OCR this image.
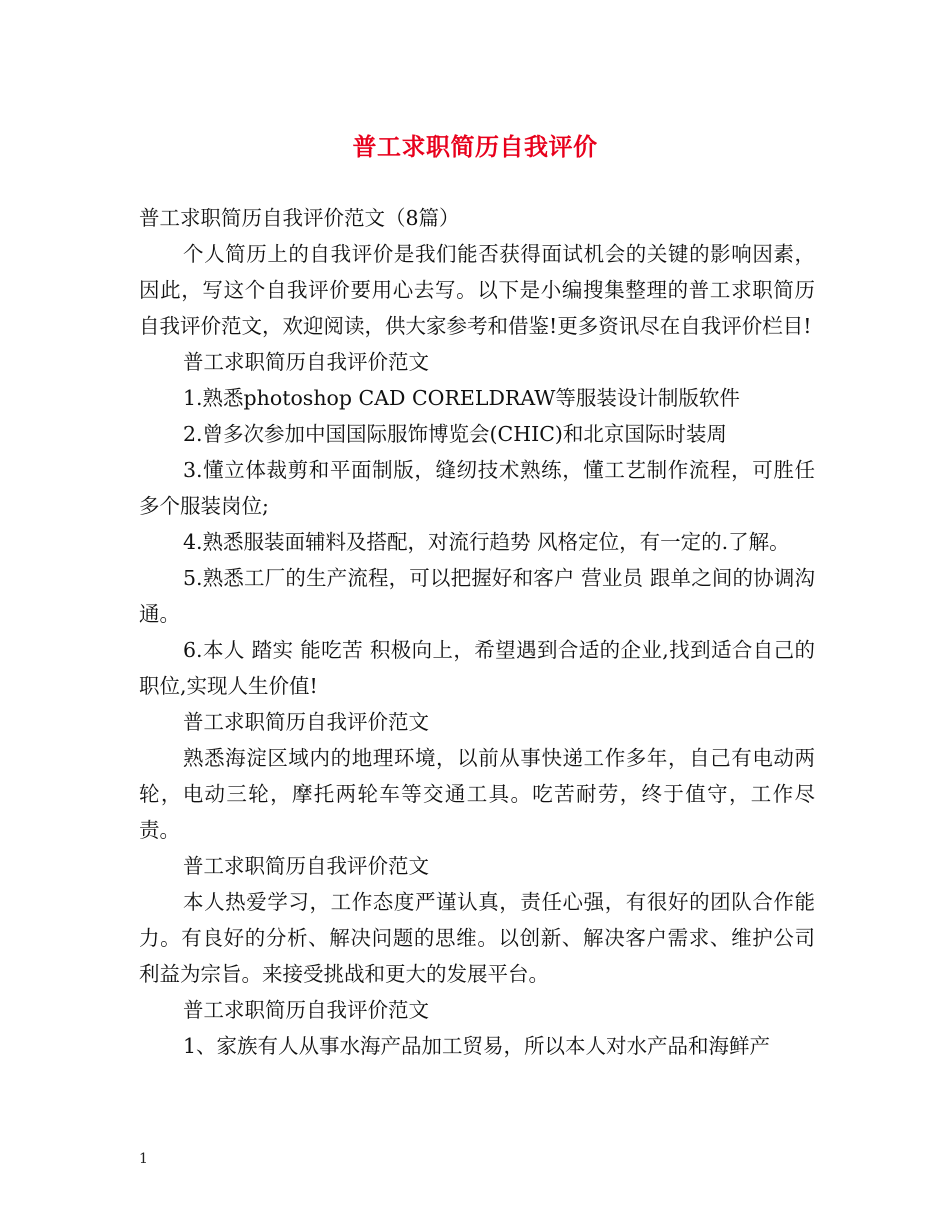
普工求职简历自我评价

普工求职简历自我评价范文（8篇）

个人简历上的自我评价是我们能否获得面试机会的关键的影响因素，因此，写这个自我评价要用心去写。以下是小编搜集整理的普工求职简历自我评价范文，欢迎阅读，供大家参考和借鉴!更多资讯尽在自我评价栏目!

普工求职简历自我评价范文

1.熟悉photoshop CAD CORELDRAW等服装设计制版软件

2.曾多次参加中国国际服饰博览会(CHIC)和北京国际时装周

3.懂立体裁剪和平面制版，缝纫技术熟练，懂工艺制作流程，可胜任多个服装岗位;

4.熟悉服装面辅料及搭配，对流行趋势 风格定位，有一定的.了解。

5.熟悉工厂的生产流程，可以把握好和客户 营业员 跟单之间的协调沟通。

6.本人 踏实 能吃苦 积极向上，希望遇到合适的企业,找到适合自己的职位,实现人生价值!

普工求职简历自我评价范文

熟悉海淀区域内的地理环境，以前从事快递工作多年，自己有电动两轮，电动三轮，摩托两轮车等交通工具。吃苦耐劳，终于值守，工作尽责。

普工求职简历自我评价范文

本人热爱学习，工作态度严谨认真，责任心强，有很好的团队合作能力。有良好的分析、解决问题的思维。以创新、解决客户需求、维护公司利益为宗旨。来接受挑战和更大的发展平台。

普工求职简历自我评价范文

1、家族有人从事水海产品加工贸易，所以本人对水产品和海鲜产

1
